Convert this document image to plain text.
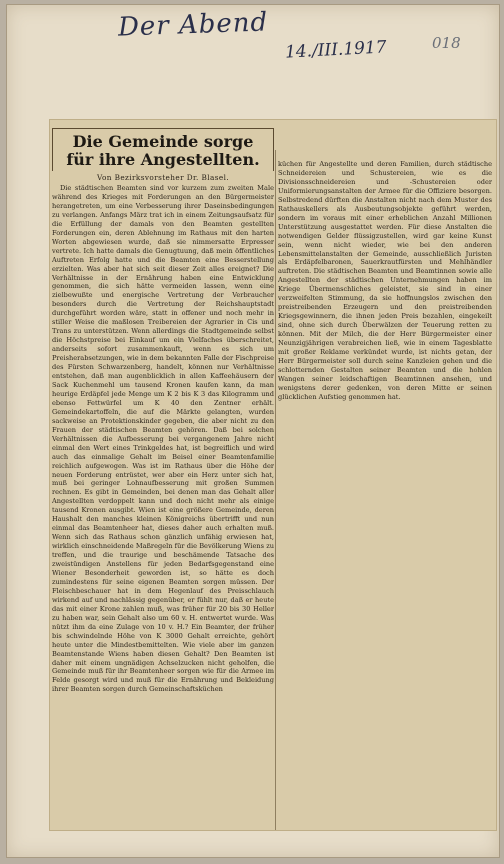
Der Abend
14./III.1917	018
Die Gemeinde sorge für ihre Angestellten.
Von Bezirksvorsteher Dr. Blasel.

Die städtischen Beamten sind vor kurzem zum zweiten Male während des Krieges mit Forderungen an den Bürgermeister herangetreten, um eine Verbesserung ihrer Daseinsbedingungen zu verlangen. Anfangs März trat ich in einem Zeitungsaufsatz für die Erfüllung der damals von den Beamten gestellten Forderungen ein, deren Ablehnung im Rathaus mit den harten Worten abgewiesen wurde, daß sie nimmersatte Erpresser vertrete. Ich hatte damals die Genugtuung, daß mein öffentliches Auftreten Erfolg hatte und die Beamten eine Besserstellung erzielten. Was aber hat sich seit dieser Zeit alles ereignet? Die Verhältnisse in der Ernährung haben eine Entwicklung genommen, die sich hätte vermeiden lassen, wenn eine zielbewußte und energische Vertretung der Verbraucher besonders durch die Vertretung der Reichshauptstadt durchgeführt worden wäre, statt in offener und noch mehr in stiller Weise die maßlosen Treibereien der Agrarier in Cis und Trans zu unterstützen. Wenn allerdings die Stadtgemeinde selbst die Höchstpreise bei Einkauf um ein Vielfaches überschreitet, anderseits sofort zusammenkauft, wenn es sich um Preisherabsetzungen, wie in dem bekannten Falle der Fischpreise des Fürsten Schwarzenberg, handelt, können nur Verhältnisse entstehen, daß man augenblicklich in allen Kaffeehäusern der Sack Kuchenmehl um tausend Kronen kaufen kann, da man heurige Erdäpfel jede Menge um K 2 bis K 3 das Kilogramm und ebenso Fettwürfel um K 40 den Zentner erhält. Gemeindekartoffeln, die auf die Märkte gelangten, wurden sackweise an Protektionskinder gegeben, die aber nicht zu den Frauen der städtischen Beamten gehören. Daß bei solchen Verhältnissen die Aufbesserung bei vergangenem Jahre nicht einmal den Wert eines Trinkgeldes hat, ist begreiflich und wird auch das einmalige Gehalt im Beisel einer Beamtenfamilie reichlich aufgewogen. Was ist im Rathaus über die Höhe der neuen Forderung entrüstet, wer aber ein Herz unter sich hat, muß bei geringer Lohnaufbesserung mit großen Summen rechnen. Es gibt in Gemeinden, bei denen man das Gehalt aller Angestellten verdoppelt kann und doch nicht mehr als einige tausend Kronen ausgibt. Wien ist eine größere Gemeinde, deren Haushalt den manches kleinen Königreichs übertrifft und nun einmal das Beamtenheer hat, dieses daher auch erhalten muß. Wenn sich das Rathaus schon gänzlich unfähig erwiesen hat, wirklich einschneidende Maßregeln für die Bevölkerung Wiens zu treffen, und die traurige und beschämende Tatsache des zweistündigen Anstellens für jeden Bedarfsgegenstand eine Wiener Besonderheit geworden ist, so hätte es doch zumindestens für seine eigenen Beamten sorgen müssen. Der Fleischbeschauer hat in dem Hegenlauf des Preisschlauch wirkend auf und nachlässig gegenüber, er fühlt nur, daß er heute das mit einer Krone zahlen muß, was früher für 20 bis 30 Heller zu haben war, sein Gehalt also um 60 v. H. entwertet wurde. Was nützt ihm da eine Zulage von 10 v. H.? Ein Beamter, der früher bis schwindelnde Höhe von K 3000 Gehalt erreichte, gehört heute unter die Mindestbemittelten. Wie viele aber im ganzen Beamtenstande Wiens haben diesen Gehalt? Den Beamten ist daher mit einem ungnädigen Achselzucken nicht geholfen, die Gemeinde muß für ihr Beamtenheer sorgen wie für die Armee im Felde gesorgt wird und muß für die Ernährung und Bekleidung ihrer Beamten sorgen durch Gemeinschaftsküchen

küchen für Angestellte und deren Familien, durch städtische Schneidereien und Schustereien, wie es die Divisionsschneidereien und -Schustereien oder Uniformierungsanstalten der Armee für die Offiziere besorgen. Selbstredend dürften die Anstalten nicht nach dem Muster des Rathauskellers als Ausbeutungsobjekte geführt werden, sondern im voraus mit einer erheblichen Anzahl Millionen Unterstützung ausgestattet werden. Für diese Anstalten die notwendigen Gelder flüssigzustellen, wird gar keine Kunst sein, wenn nicht wieder, wie bei den anderen Lebensmittelanstalten der Gemeinde, ausschließlich Juristen als Erdäpfelbaronen, Sauerkrautfürsten und Mehlhändler auftreten. Die städtischen Beamten und Beamtinnen sowie alle Angestellten der städtischen Unternehmungen haben im Kriege Übermenschliches geleistet, sie sind in einer verzweifelten Stimmung, da sie hoffnungslos zwischen den preistreibenden Erzeugern und den preistreibenden Kriegsgewinnern, die ihnen jeden Preis bezahlen, eingekeilt sind, ohne sich durch Überwälzen der Teuerung retten zu können. Mit der Milch, die der Herr Bürgermeister einer Neunzigjährigen verabreichen ließ, wie in einem Tagesblatte mit großer Reklame verkündet wurde, ist nichts getan, der Herr Bürgermeister soll durch seine Kanzleien gehen und die schlotternden Gestalten seiner Beamten und die hohlen Wangen seiner leidschaftigen Beamtinnen ansehen, und wenigstens derer gedenken, von deren Mitte er seinen glücklichen Aufstieg genommen hat.
